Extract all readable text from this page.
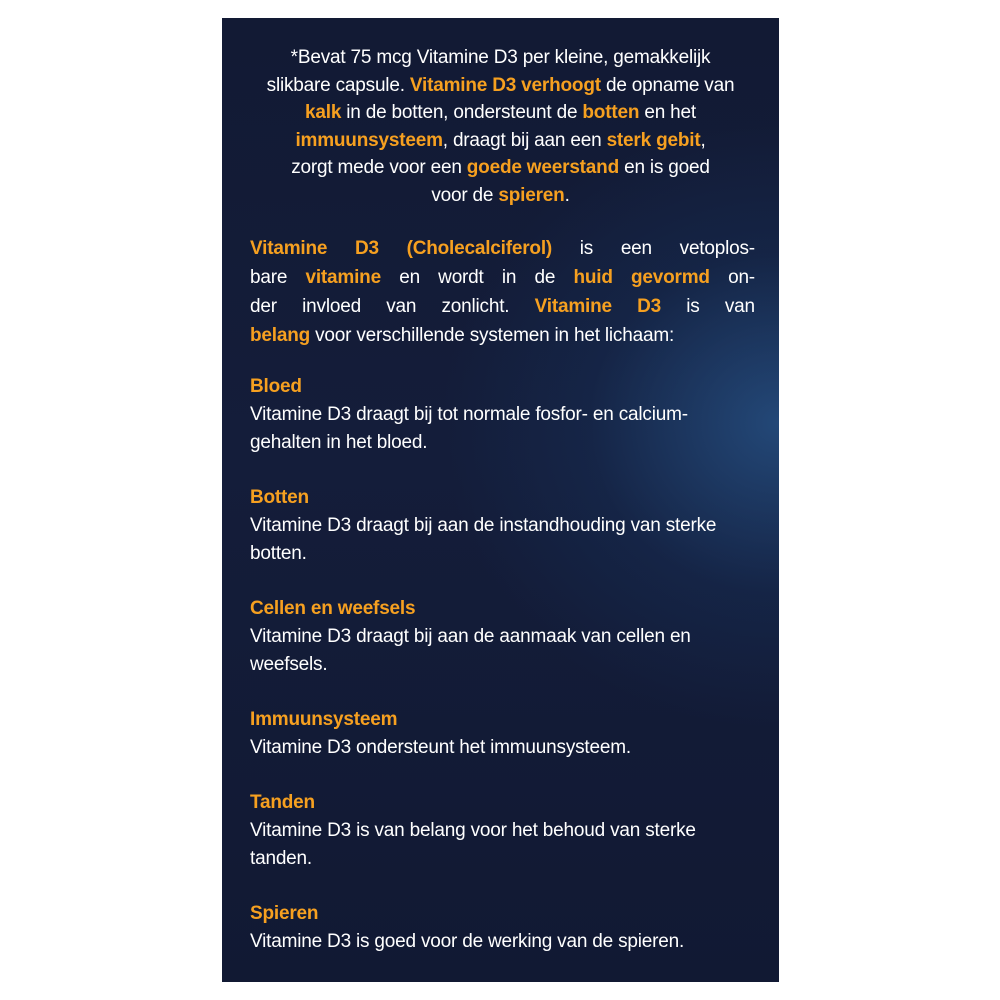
*Bevat 75 mcg Vitamine D3 per kleine, gemakkelijk
slikbare capsule. Vitamine D3 verhoogt de opname van
kalk in de botten, ondersteunt de botten en het
immuunsysteem, draagt bij aan een sterk gebit,
zorgt mede voor een goede weerstand en is goed
voor de spieren.
Vitamine D3 (Cholecalciferol) is een vetoplos-
bare vitamine en wordt in de huid gevormd on-
der invloed van zonlicht. Vitamine D3 is van
belang voor verschillende systemen in het lichaam:
Bloed
Vitamine D3 draagt bij tot normale fosfor- en calcium-
gehalten in het bloed.
Botten
Vitamine D3 draagt bij aan de instandhouding van sterke
botten.
Cellen en weefsels
Vitamine D3 draagt bij aan de aanmaak van cellen en
weefsels.
Immuunsysteem
Vitamine D3 ondersteunt het immuunsysteem.
Tanden
Vitamine D3 is van belang voor het behoud van sterke
tanden.
Spieren
Vitamine D3 is goed voor de werking van de spieren.
